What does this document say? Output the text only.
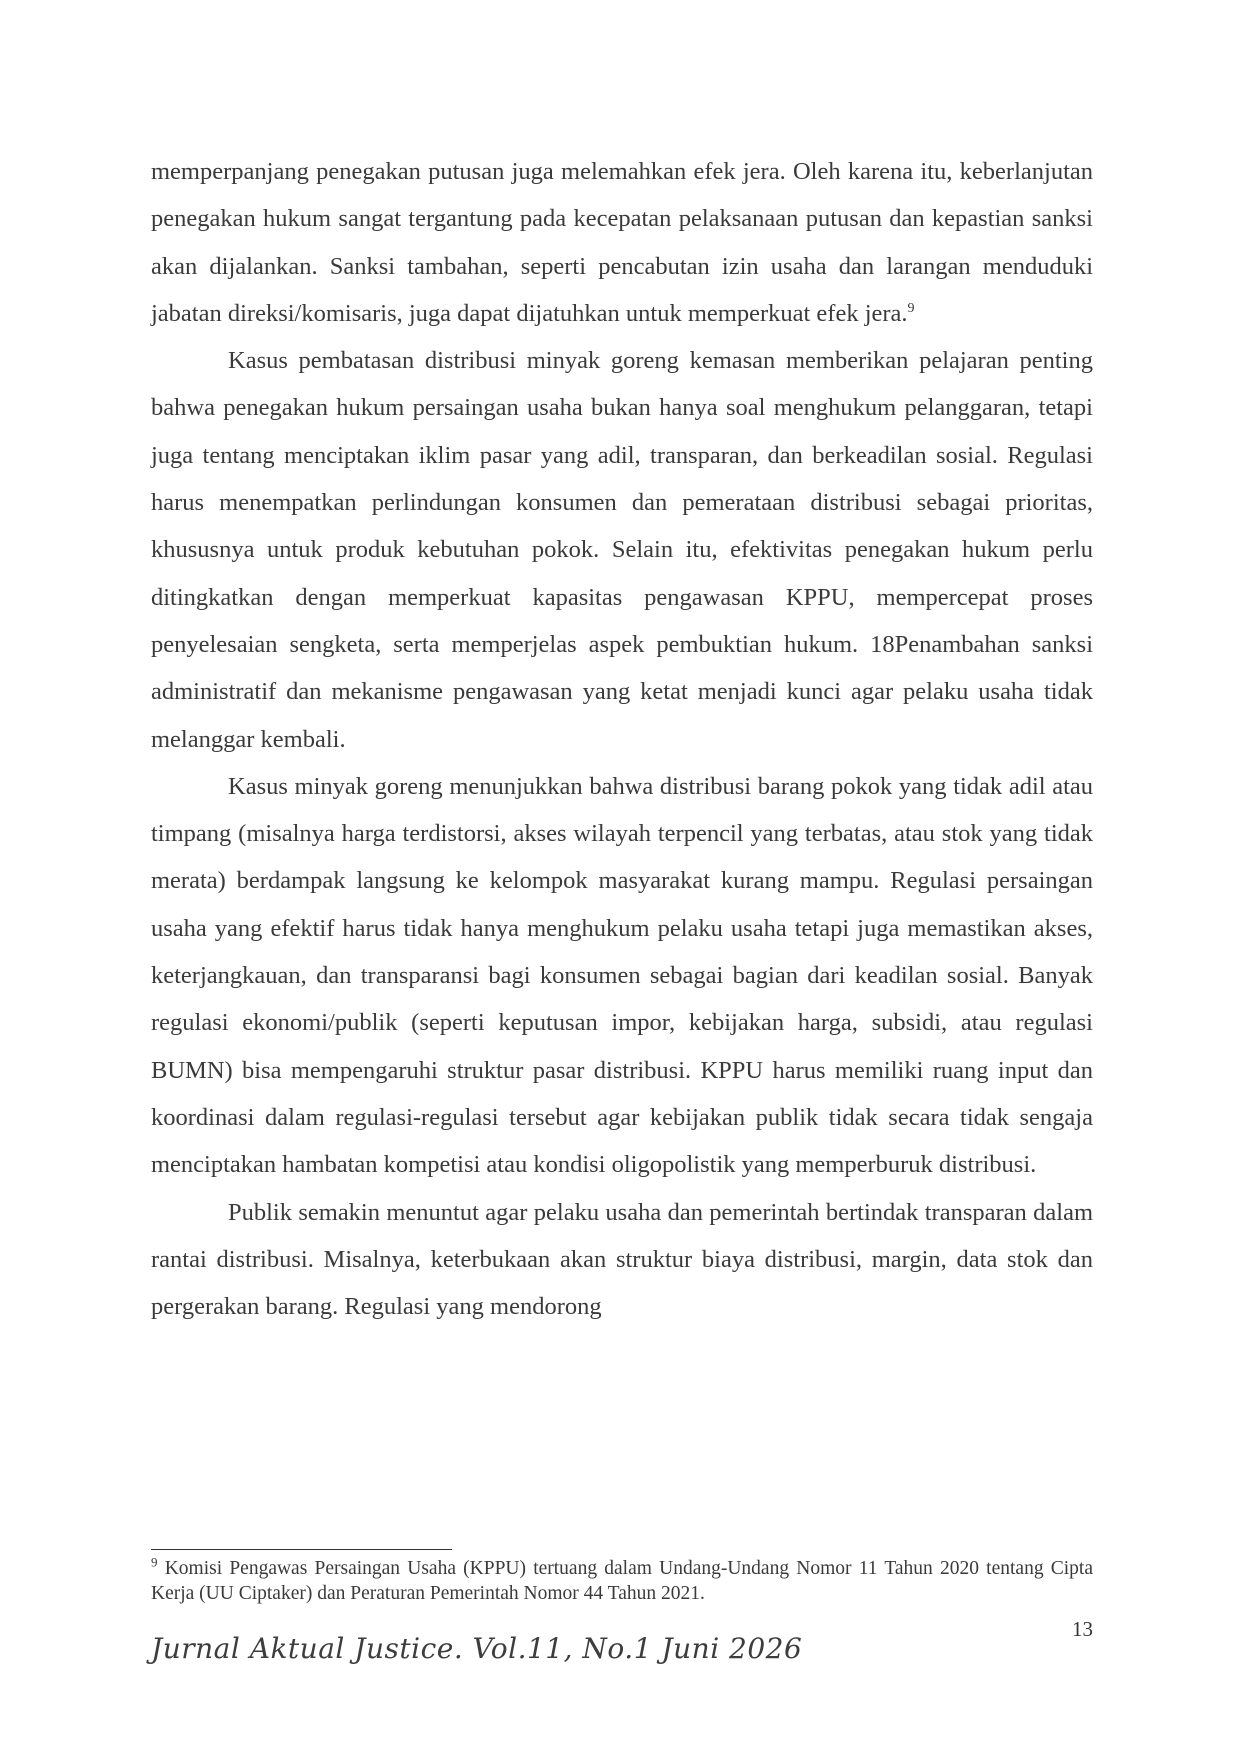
memperpanjang penegakan putusan juga melemahkan efek jera. Oleh karena itu, keberlanjutan penegakan hukum sangat tergantung pada kecepatan pelaksanaan putusan dan kepastian sanksi akan dijalankan. Sanksi tambahan, seperti pencabutan izin usaha dan larangan menduduki jabatan direksi/komisaris, juga dapat dijatuhkan untuk memperkuat efek jera.$^9$

Kasus pembatasan distribusi minyak goreng kemasan memberikan pelajaran penting bahwa penegakan hukum persaingan usaha bukan hanya soal menghukum pelanggaran, tetapi juga tentang menciptakan iklim pasar yang adil, transparan, dan berkeadilan sosial. Regulasi harus menempatkan perlindungan konsumen dan pemerataan distribusi sebagai prioritas, khususnya untuk produk kebutuhan pokok. Selain itu, efektivitas penegakan hukum perlu ditingkatkan dengan memperkuat kapasitas pengawasan KPPU, mempercepat proses penyelesaian sengketa, serta memperjelas aspek pembuktian hukum. 18Penambahan sanksi administratif dan mekanisme pengawasan yang ketat menjadi kunci agar pelaku usaha tidak melanggar kembali.

Kasus minyak goreng menunjukkan bahwa distribusi barang pokok yang tidak adil atau timpang (misalnya harga terdistorsi, akses wilayah terpencil yang terbatas, atau stok yang tidak merata) berdampak langsung ke kelompok masyarakat kurang mampu. Regulasi persaingan usaha yang efektif harus tidak hanya menghukum pelaku usaha tetapi juga memastikan akses, keterjangkauan, dan transparansi bagi konsumen sebagai bagian dari keadilan sosial. Banyak regulasi ekonomi/publik (seperti keputusan impor, kebijakan harga, subsidi, atau regulasi BUMN) bisa mempengaruhi struktur pasar distribusi. KPPU harus memiliki ruang input dan koordinasi dalam regulasi-regulasi tersebut agar kebijakan publik tidak secara tidak sengaja menciptakan hambatan kompetisi atau kondisi oligopolistik yang memperburuk distribusi.

Publik semakin menuntut agar pelaku usaha dan pemerintah bertindak transparan dalam rantai distribusi. Misalnya, keterbukaan akan struktur biaya distribusi, margin, data stok dan pergerakan barang. Regulasi yang mendorong

$^9$ Komisi Pengawas Persaingan Usaha (KPPU) tertuang dalam Undang-Undang Nomor 11 Tahun 2020 tentang Cipta Kerja (UU Ciptaker) dan Peraturan Pemerintah Nomor 44 Tahun 2021.

13
Jurnal Aktual Justice. Vol.11, No.1 Juni 2026
